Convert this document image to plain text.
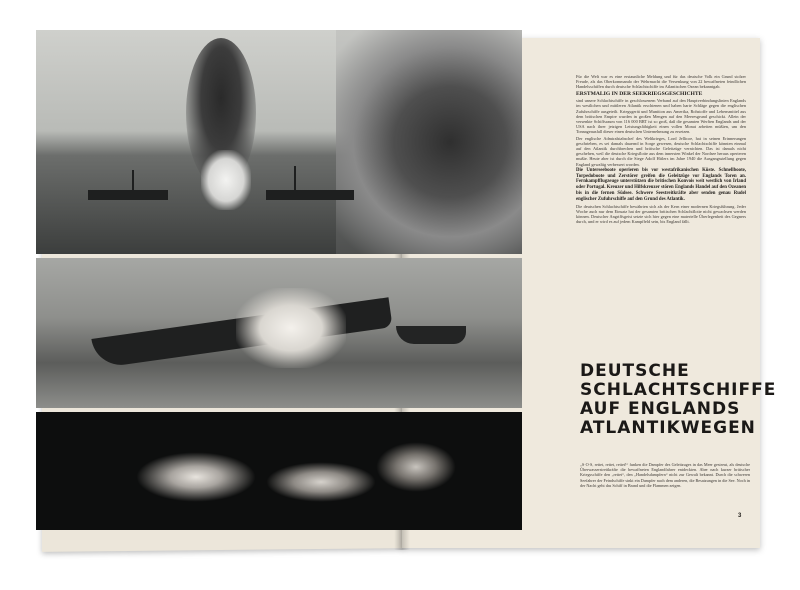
Für die Welt war es eine erstaunliche Meldung und für das deutsche Volk ein Grund stolzer Freude, als das Oberkommando der Wehrmacht die Versenkung von 22 bewaffneten feindlichen Handelsschiffen durch deutsche Schlachtschiffe im Atlantischen Ozean bekanntgab.

ERSTMALIG IN DER SEEKRIEGSGESCHICHTE

sind unsere Schlachtschiffe in geschlossenem Verband auf den Hauptverbindungslinien Englands im westlichen und mittleren Atlantik erschienen und haben harte Schläge gegen die englischen Zufuhrschiffe ausgeteilt. Kriegsgerät und Munition aus Amerika, Rohstoffe und Lebensmittel aus dem britischen Empire wurden in großen Mengen auf den Meeresgrund geschickt. Allein der versenkte Schiffsraum von 116 000 BRT ist so groß, daß die gesamten Werften Englands und der USA nach ihrer jetzigen Leistungsfähigkeit einen vollen Monat arbeiten müßten, um den Tonnageausfall dieser einen deutschen Unternehmung zu ersetzen.

Der englische Admiralstabschef des Weltkrieges, Lord Jellicoe, hat in seinen Erinnerungen geschrieben, es sei damals dauernd in Sorge gewesen, deutsche Schlachtschiffe könnten einmal auf den Atlantik durchbrechen und britische Geleitzüge vernichten. Das ist damals nicht geschehen, weil die deutsche Kriegsflotte aus dem innersten Winkel der Nordsee heraus operieren mußte. Heute aber ist durch die Siege Adolf Hitlers im Jahre 1940 die Ausgangsstellung gegen England gewaltig verbessert worden.

Die Unterseeboote operieren bis vor westafrikanischen Küste. Schnellboote, Torpedoboote und Zerstörer greifen die Geleitzüge vor Englands Toren an. Fernkampfflugzeuge unterstützen die britischen Konvois weit westlich von Irland oder Portugal. Kreuzer und Hilfskreuzer stören Englands Handel auf den Ozeanen bis in die fernen Südsee. Schwere Seestreitkräfte aber senden genau Rudel englischer Zufuhrschiffe auf den Grund des Atlantik.

Die deutschen Schlachtschiffe bewährten sich als der Kern einer modernen Kriegsführung. Jeder Woche auch nur dem Einsatz hat der gesamten britischen Schlachtflotte nicht gewachsen werden können. Deutscher Angriffsgeist setzte sich hier gegen eine materielle Überlegenheit des Gegners durch, und er wird es auf jedem Kampffeld sein, bis England fällt.

DEUTSCHE
SCHLACHTSCHIFFE
AUF ENGLANDS
ATLANTIKWEGEN
„S·O·S, rettet, rettet, rettet!“ funken die Dampfer des Geleitzuges in das Meer gestreut, als deutsche Überwasserstreitkräfte die bewaffneten Englandfahrer entdeckten. Aber nach kurzer britischer Kriegsschiffe den „rettet“, den „Handelsdampfern“ nicht zur Gewalt bekannt. Durch die schweren Seefahrer der Feindschiffe sinkt ein Dampfer nach dem anderen, die Besatzungen in die See. Noch in der Nacht geht das Schiff in Brand und die Flammen zeigen.
3
